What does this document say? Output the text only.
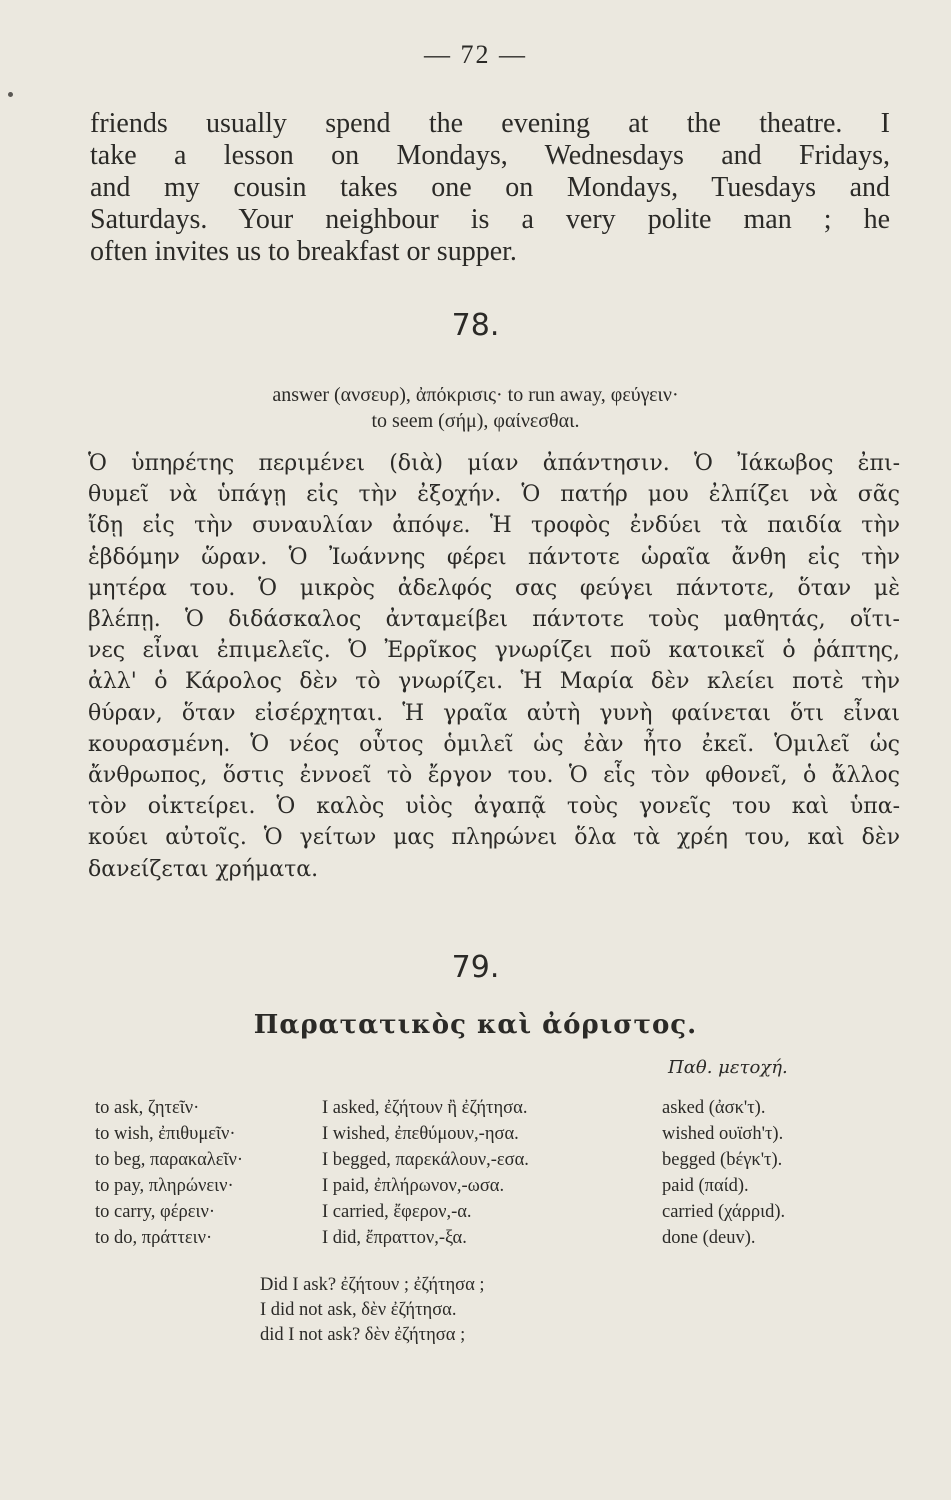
— 72 —
friends usually spend the evening at the theatre. I
take a lesson on Mondays, Wednesdays and Fridays,
and my cousin takes one on Mondays, Tuesdays and
Saturdays. Your neighbour is a very polite man ; he
often invites us to breakfast or supper.
78.
answer (ανσευρ), ἀπόκρισις· to run away, φεύγειν·
to seem (σήμ), φαίνεσθαι.
Ὁ ὑπηρέτης περιμένει (διὰ) μίαν ἀπάντησιν. Ὁ Ἰάκωβος ἐπι-
θυμεῖ νὰ ὑπάγῃ εἰς τὴν ἐξοχήν. Ὁ πατήρ μου ἐλπίζει νὰ σᾶς
ἴδῃ εἰς τὴν συναυλίαν ἀπόψε. Ἡ τροφὸς ἐνδύει τὰ παιδία τὴν
ἑβδόμην ὥραν. Ὁ Ἰωάννης φέρει πάντοτε ὡραῖα ἄνθη εἰς τὴν
μητέρα του. Ὁ μικρὸς ἀδελφός σας φεύγει πάντοτε, ὅταν μὲ
βλέπῃ. Ὁ διδάσκαλος ἀνταμείβει πάντοτε τοὺς μαθητάς, οἵτι-
νες εἶναι ἐπιμελεῖς. Ὁ Ἐρρῖκος γνωρίζει ποῦ κατοικεῖ ὁ ῥάπτης,
ἀλλ' ὁ Κάρολος δὲν τὸ γνωρίζει. Ἡ Μαρία δὲν κλείει ποτὲ τὴν
θύραν, ὅταν εἰσέρχηται. Ἡ γραῖα αὐτὴ γυνὴ φαίνεται ὅτι εἶναι
κουρασμένη. Ὁ νέος οὗτος ὁμιλεῖ ὡς ἐὰν ἦτο ἐκεῖ. Ὁμιλεῖ ὡς
ἄνθρωπος, ὅστις ἐννοεῖ τὸ ἔργον του. Ὁ εἷς τὸν φθονεῖ, ὁ ἄλλος
τὸν οἰκτείρει. Ὁ καλὸς υἱὸς ἀγαπᾷ τοὺς γονεῖς του καὶ ὑπα-
κούει αὐτοῖς. Ὁ γείτων μας πληρώνει ὅλα τὰ χρέη του, καὶ δὲν
δανείζεται χρήματα.
79.
Παρατατικὸς καὶ ἀόριστος.
Παθ. μετοχή.
to ask, ζητεῖν·	I asked, ἐζήτουν ἢ ἐζήτησα.	asked (ἀσκ'τ).
to wish, ἐπιθυμεῖν·	I wished, ἐπεθύμουν,-ησα.	wished ουϊσh'τ).
to beg, παρακαλεῖν·	I begged, παρεκάλουν,-εσα.	begged (bέγκ'τ).
to pay, πληρώνειν·	I paid, ἐπλήρωνον,-ωσα.	paid (παίd).
to carry, φέρειν·	I carried, ἔφερον,-α.	carried (χάρριd).
to do, πράττειν·	I did, ἔπραττον,-ξα.	done (deuv).
Did I ask? ἐζήτουν ; ἐζήτησα ;
I did not ask, δὲν ἐζήτησα.
did I not ask? δὲν ἐζήτησα ;
